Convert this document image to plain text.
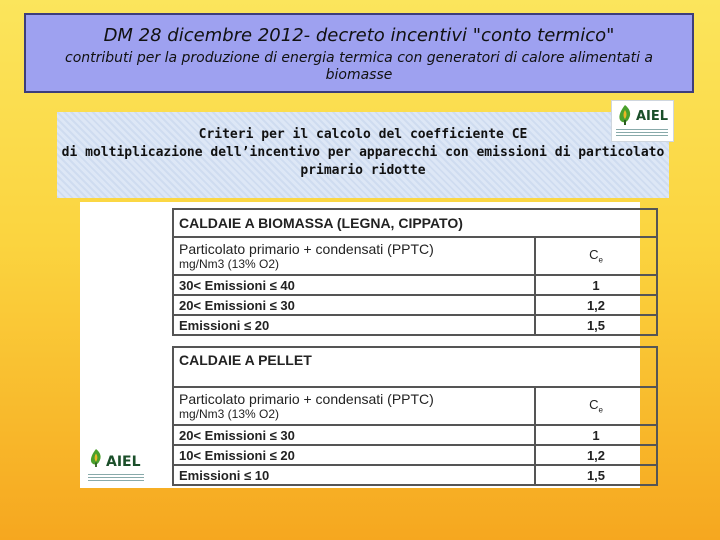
DM 28 dicembre 2012- decreto incentivi "conto termico"
contributi per la produzione di energia termica con generatori di calore alimentati a biomasse
Criteri per il calcolo del coefficiente CE
di moltiplicazione dell’incentivo per apparecchi con emissioni di particolato
primario ridotte
AIEL
CALDAIE A BIOMASSA (LEGNA, CIPPATO)	

Particolato primario + condensati (PPTC)
mg/Nm3 (13% O2)	$C_e$
30< Emissioni ≤ 40	1
20< Emissioni ≤ 30	1,2
Emissioni ≤ 20	1,5
CALDAIE A PELLET	

Particolato primario + condensati (PPTC)
mg/Nm3 (13% O2)	$C_e$
20< Emissioni ≤ 30	1
10< Emissioni ≤ 20	1,2
Emissioni ≤ 10	1,5
AIEL
